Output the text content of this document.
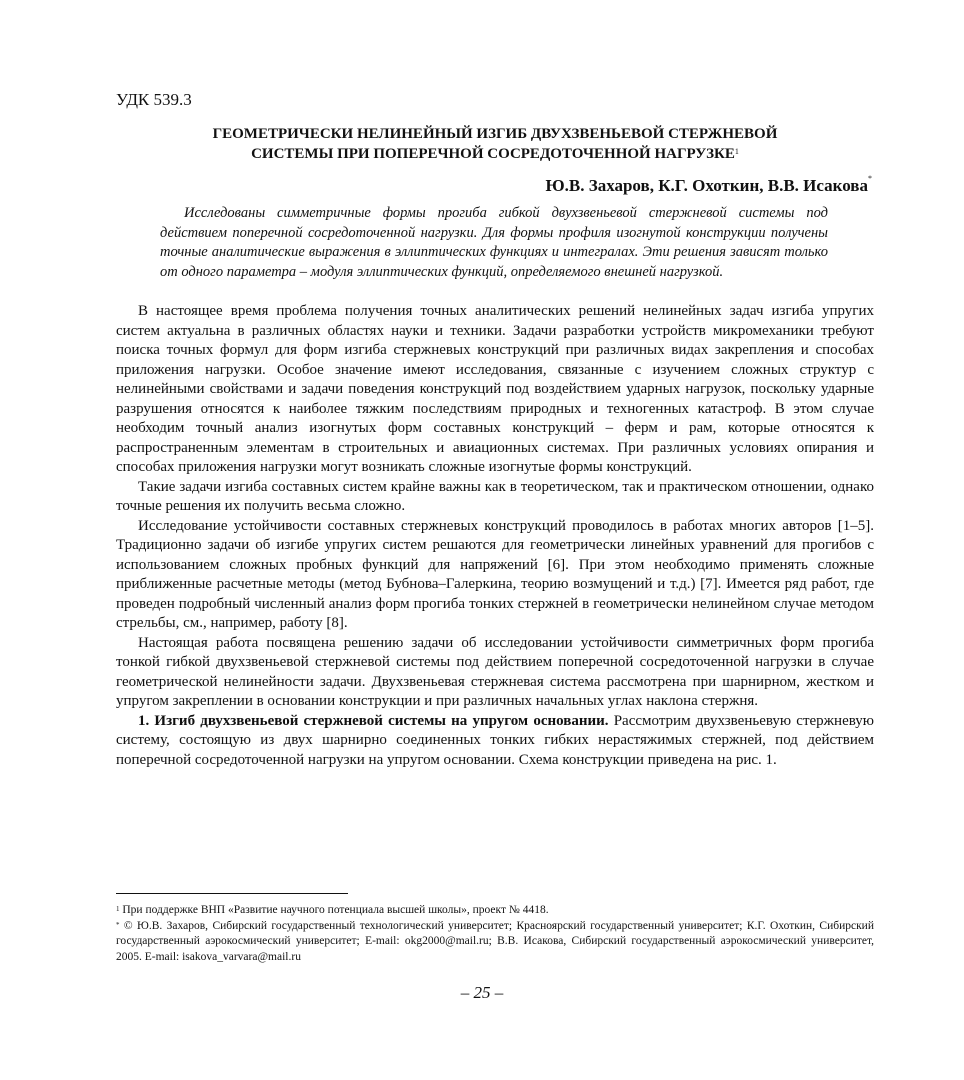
УДК 539.3
ГЕОМЕТРИЧЕСКИ НЕЛИНЕЙНЫЙ ИЗГИБ ДВУХЗВЕНЬЕВОЙ СТЕРЖНЕВОЙ
СИСТЕМЫ ПРИ ПОПЕРЕЧНОЙ СОСРЕДОТОЧЕННОЙ НАГРУЗКЕ$^1$
Ю.В. Захаров, К.Г. Охоткин, В.В. Исакова*

Исследованы симметричные формы прогиба гибкой двухзвеньевой стержневой системы под действием поперечной сосредоточенной нагрузки. Для формы профиля изогнутой конструкции получены точные аналитические выражения в эллиптических функциях и интегралах. Эти решения зависят только от одного параметра – модуля эллиптических функций, определяемого внешней нагрузкой.

В настоящее время проблема получения точных аналитических решений нелинейных задач изгиба упругих систем актуальна в различных областях науки и техники. Задачи разработки устройств микромеханики требуют поиска точных формул для форм изгиба стержневых конструкций при различных видах закрепления и способах приложения нагрузки. Особое значение имеют исследования, связанные с изучением сложных структур с нелинейными свойствами и задачи поведения конструкций под воздействием ударных нагрузок, поскольку ударные разрушения относятся к наиболее тяжким последствиям природных и техногенных катастроф. В этом случае необходим точный анализ изогнутых форм составных конструкций – ферм и рам, которые относятся к распространенным элементам в строительных и авиационных системах. При различных условиях опирания и способах приложения нагрузки могут возникать сложные изогнутые формы конструкций.

Такие задачи изгиба составных систем крайне важны как в теоретическом, так и практическом отношении, однако точные решения их получить весьма сложно.

Исследование устойчивости составных стержневых конструкций проводилось в работах многих авторов [1–5]. Традиционно задачи об изгибе упругих систем решаются для геометрически линейных уравнений для прогибов с использованием сложных пробных функций для напряжений [6]. При этом необходимо применять сложные приближенные расчетные методы (метод Бубнова–Галеркина, теорию возмущений и т.д.) [7]. Имеется ряд работ, где проведен подробный численный анализ форм прогиба тонких стержней в геометрически нелинейном случае методом стрельбы, см., например, работу [8].

Настоящая работа посвящена решению задачи об исследовании устойчивости симметричных форм прогиба тонкой гибкой двухзвеньевой стержневой системы под действием поперечной сосредоточенной нагрузки в случае геометрической нелинейности задачи. Двухзвеньевая стержневая система рассмотрена при шарнирном, жестком и упругом закреплении в основании конструкции и при различных начальных углах наклона стержня.

1. Изгиб двухзвеньевой стержневой системы на упругом основании. Рассмотрим двухзвеньевую стержневую систему, состоящую из двух шарнирно соединенных тонких гибких нерастяжимых стержней, под действием поперечной сосредоточенной нагрузки на упругом основании. Схема конструкции приведена на рис. 1.

$^1$ При поддержке ВНП «Развитие научного потенциала высшей школы», проект № 4418.

* © Ю.В. Захаров, Сибирский государственный технологический университет; Красноярский государственный университет; К.Г. Охоткин, Сибирский государственный аэрокосмический университет; E-mail: okg2000@mail.ru; В.В. Исакова, Сибирский государственный аэрокосмический университет, 2005. E-mail: isakova_varvara@mail.ru

– 25 –
